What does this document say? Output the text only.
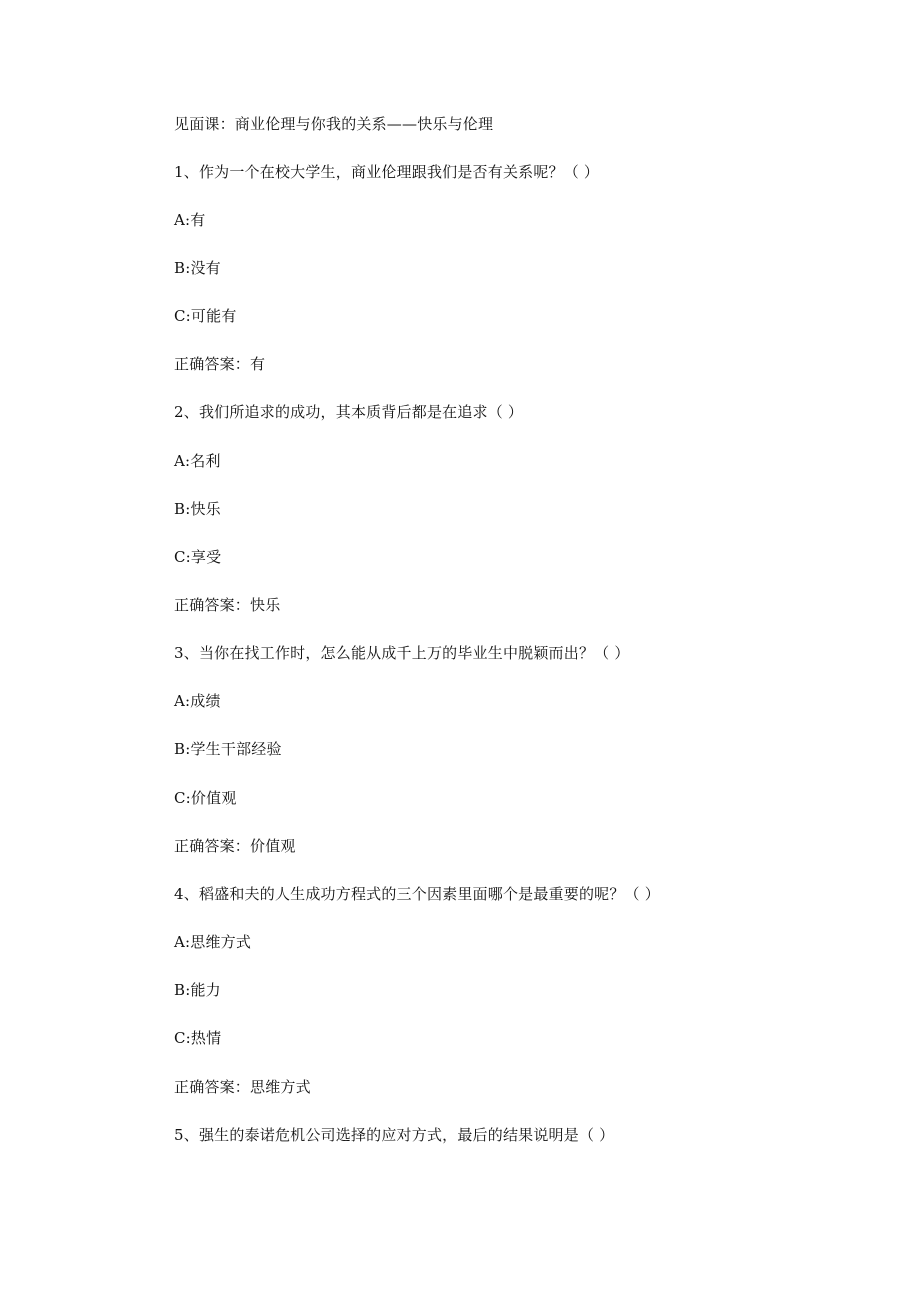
见面课：商业伦理与你我的关系——快乐与伦理
1、作为一个在校大学生，商业伦理跟我们是否有关系呢？（ ）
A:有
B:没有
C:可能有
正确答案：有
2、我们所追求的成功，其本质背后都是在追求（ ）
A:名利
B:快乐
C:享受
正确答案：快乐
3、当你在找工作时，怎么能从成千上万的毕业生中脱颖而出？（ ）
A:成绩
B:学生干部经验
C:价值观
正确答案：价值观
4、稻盛和夫的人生成功方程式的三个因素里面哪个是最重要的呢？（ ）
A:思维方式
B:能力
C:热情
正确答案：思维方式
5、强生的泰诺危机公司选择的应对方式，最后的结果说明是（ ）
